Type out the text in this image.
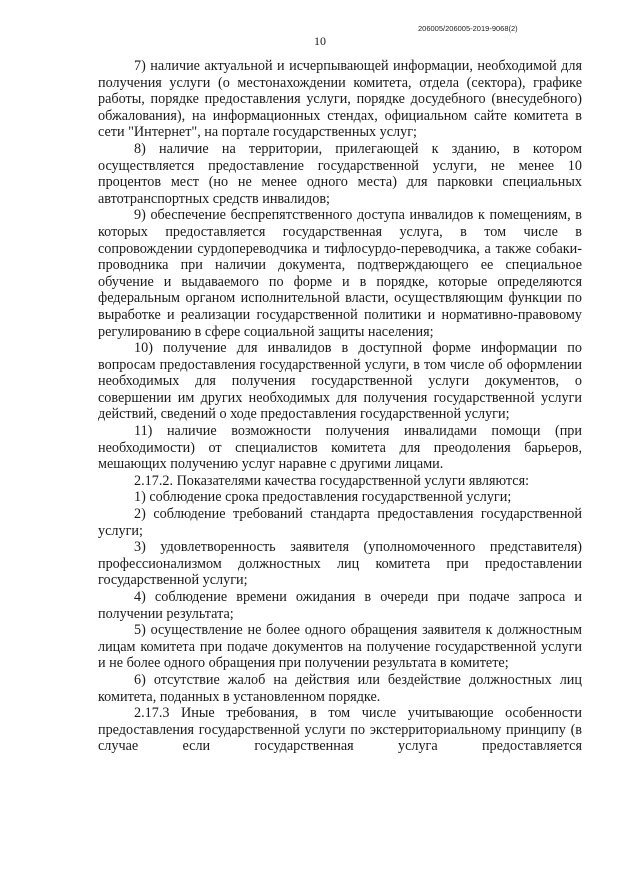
206005/206005-2019-9068(2)
10

7) наличие актуальной и исчерпывающей информации, необходимой для получения услуги (о местонахождении комитета, отдела (сектора), графике работы, порядке предоставления услуги, порядке досудебного (внесудебного) обжалования), на информационных стендах, официальном сайте комитета в сети "Интернет", на портале государственных услуг;

8) наличие на территории, прилегающей к зданию, в котором осуществляется предоставление государственной услуги, не менее 10 процентов мест (но не менее одного места) для парковки специальных автотранспортных средств инвалидов;

9) обеспечение беспрепятственного доступа инвалидов к помещениям, в которых предоставляется государственная услуга, в том числе в сопровождении сурдопереводчика и тифлосурдо-переводчика, а также собаки-проводника при наличии документа, подтверждающего ее специальное обучение и выдаваемого по форме и в порядке, которые определяются федеральным органом исполнительной власти, осуществляющим функции по выработке и реализации государственной политики и нормативно-правовому регулированию в сфере социальной защиты населения;

10) получение для инвалидов в доступной форме информации по вопросам предоставления государственной услуги, в том числе об оформлении необходимых для получения государственной услуги документов, о совершении им других необходимых для получения государственной услуги действий, сведений о ходе предоставления государственной услуги;

11) наличие возможности получения инвалидами помощи (при необходимости) от специалистов комитета для преодоления барьеров, мешающих получению услуг наравне с другими лицами.

2.17.2. Показателями качества государственной услуги являются:

1) соблюдение срока предоставления государственной услуги;

2) соблюдение требований стандарта предоставления государственной услуги;

3) удовлетворенность заявителя (уполномоченного представителя) профессионализмом должностных лиц комитета при предоставлении государственной услуги;

4) соблюдение времени ожидания в очереди при подаче запроса и получении результата;

5) осуществление не более одного обращения заявителя к должностным лицам комитета при подаче документов на получение государственной услуги и не более одного обращения при получении результата в комитете;

6) отсутствие жалоб на действия или бездействие должностных лиц комитета, поданных в установленном порядке.

2.17.3 Иные требования, в том числе учитывающие особенности предоставления государственной услуги по экстерриториальному принципу (в случае если государственная услуга предоставляется
